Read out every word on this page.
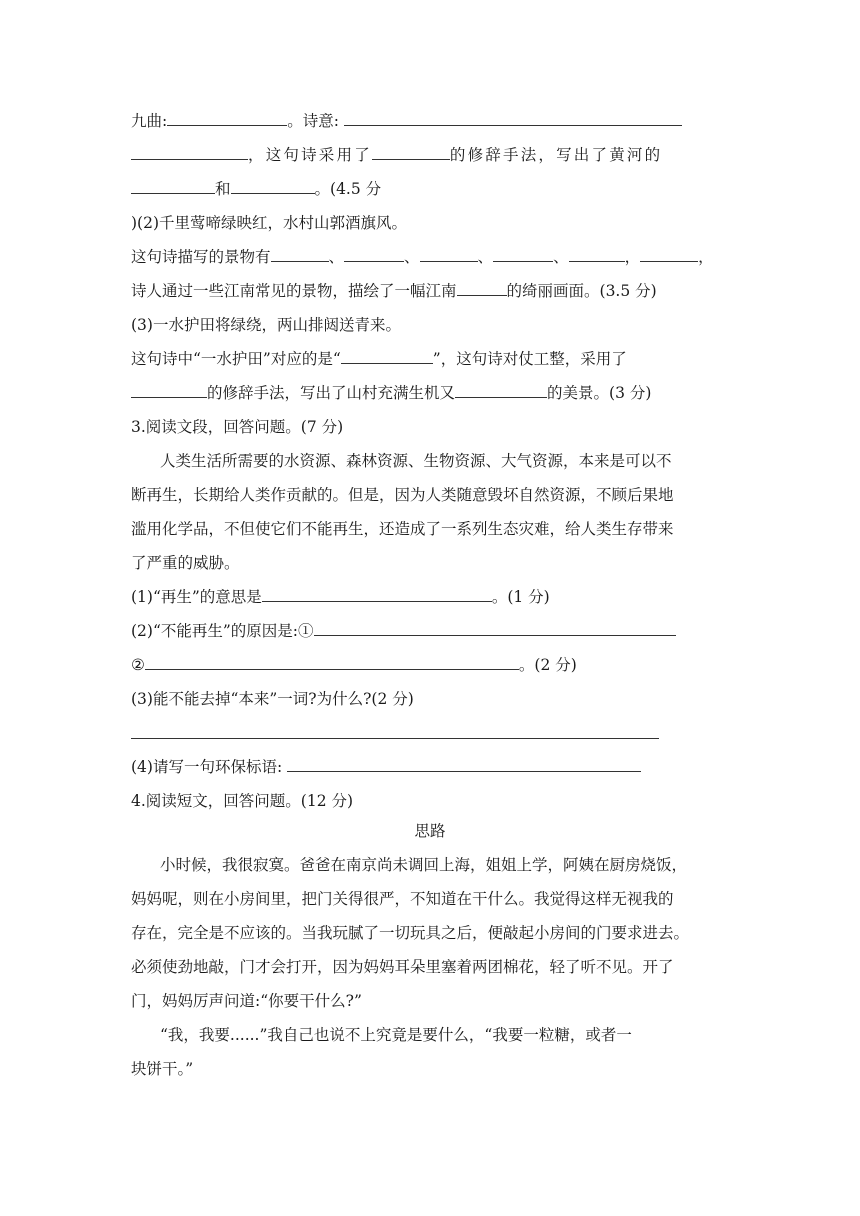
九曲:	。诗意:
，这句诗采用了	的修辞手法，写出了黄河的
和	。(4.5 分
)(2)千里莺啼绿映红，水村山郭酒旗风。
这句诗描写的景物有	、	、	、	、	，	，
诗人通过一些江南常见的景物，描绘了一幅江南	的绮丽画面。(3.5 分)
(3)一水护田将绿绕，两山排闼送青来。
这句诗中“一水护田”对应的是“	”，这句诗对仗工整，采用了
的修辞手法，写出了山村充满生机又	的美景。(3 分)
3.阅读文段，回答问题。(7 分)
人类生活所需要的水资源、森林资源、生物资源、大气资源，本来是可以不
断再生，长期给人类作贡献的。但是，因为人类随意毁坏自然资源，不顾后果地
滥用化学品，不但使它们不能再生，还造成了一系列生态灾难，给人类生存带来
了严重的威胁。
(1)“再生”的意思是	。(1 分)
(2)“不能再生”的原因是:①
②	。(2 分)
(3)能不能去掉“本来”一词?为什么?(2 分)
(4)请写一句环保标语:
4.阅读短文，回答问题。(12 分)
思路
小时候，我很寂寞。爸爸在南京尚未调回上海，姐姐上学，阿姨在厨房烧饭，
妈妈呢，则在小房间里，把门关得很严，不知道在干什么。我觉得这样无视我的
存在，完全是不应该的。当我玩腻了一切玩具之后，便敲起小房间的门要求进去。
必须使劲地敲，门才会打开，因为妈妈耳朵里塞着两团棉花，轻了听不见。开了
门，妈妈厉声问道:“你要干什么?”
“我，我要......”我自己也说不上究竟是要什么，“我要一粒糖，或者一
块饼干。”
